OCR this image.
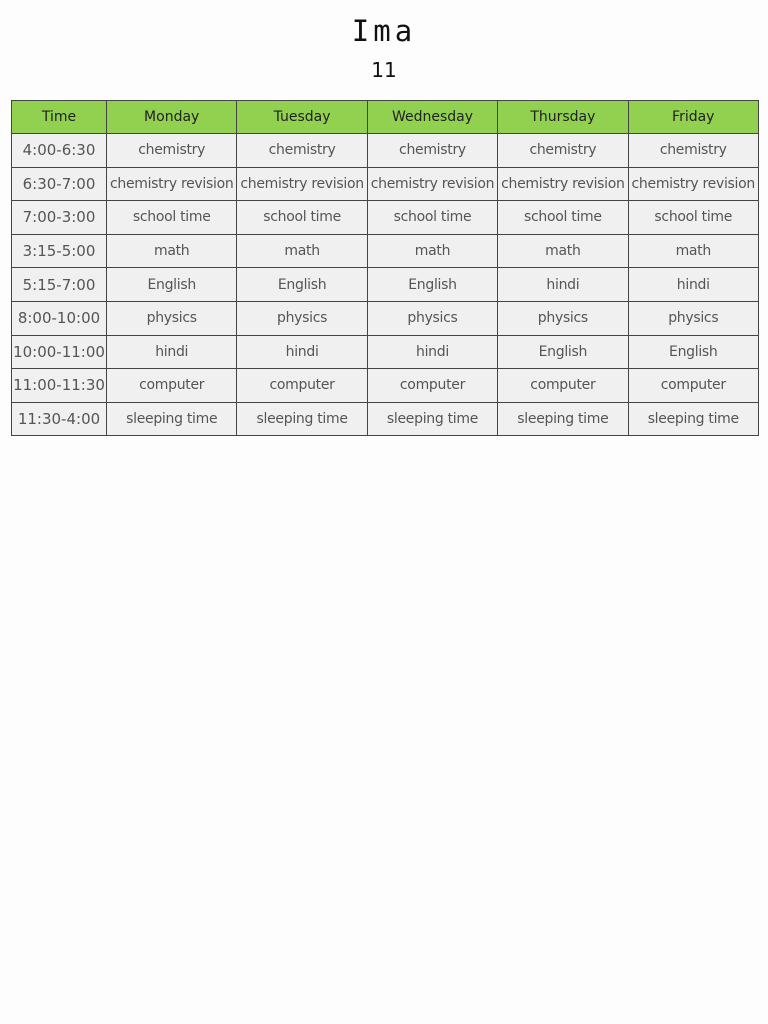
Ima
11
Time	Monday	Tuesday	Wednesday	Thursday	Friday
4:00-6:30	chemistry	chemistry	chemistry	chemistry	chemistry
6:30-7:00	chemistry revision	chemistry revision	chemistry revision	chemistry revision	chemistry revision
7:00-3:00	school time	school time	school time	school time	school time
3:15-5:00	math	math	math	math	math
5:15-7:00	English	English	English	hindi	hindi
8:00-10:00	physics	physics	physics	physics	physics
10:00-11:00	hindi	hindi	hindi	English	English
11:00-11:30	computer	computer	computer	computer	computer
11:30-4:00	sleeping time	sleeping time	sleeping time	sleeping time	sleeping time
